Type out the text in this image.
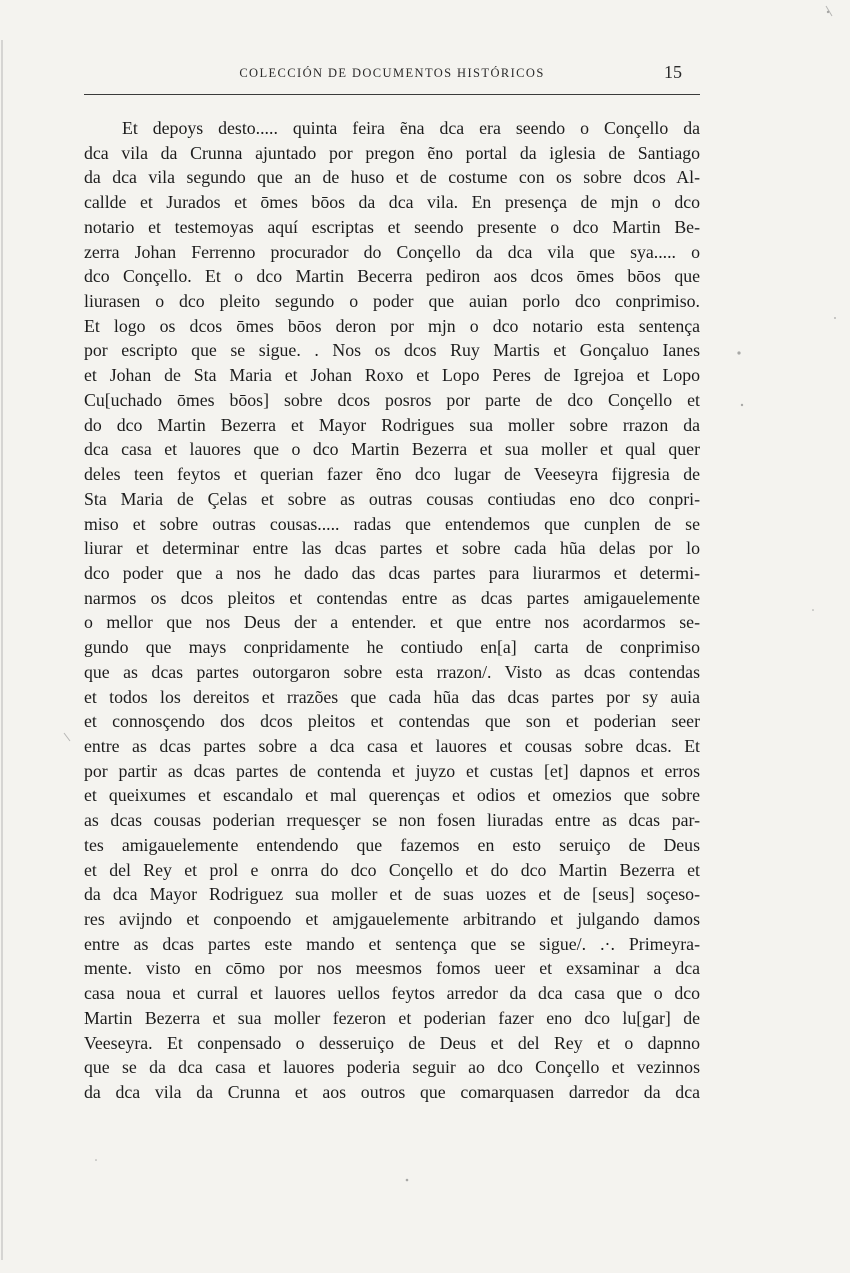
COLECCIÓN DE DOCUMENTOS HISTÓRICOS	15
Et depoys desto..... quinta feira ẽna dca era seendo o Conçello da
dca vila da Crunna ajuntado por pregon ẽno portal da iglesia de Santiago
da dca vila segundo que an de huso et de costume con os sobre dcos Al-
callde et Jurados et ōmes bōos da dca vila. En presença de mjn o dco
notario et testemoyas aquí escriptas et seendo presente o dco Martin Be-
zerra Johan Ferrenno procurador do Conçello da dca vila que sya..... o
dco Conçello. Et o dco Martin Becerra pediron aos dcos ōmes bōos que
liurasen o dco pleito segundo o poder que auian porlo dco conprimiso.
Et logo os dcos ōmes bōos deron por mjn o dco notario esta sentença
por escripto que se sigue. . Nos os dcos Ruy Martis et Gonçaluo Ianes
et Johan de Sta Maria et Johan Roxo et Lopo Peres de Igrejoa et Lopo
Cu[uchado ōmes bōos] sobre dcos posros por parte de dco Conçello et
do dco Martin Bezerra et Mayor Rodrigues sua moller sobre rrazon da
dca casa et lauores que o dco Martin Bezerra et sua moller et qual quer
deles teen feytos et querian fazer ẽno dco lugar de Veeseyra fijgresia de
Sta Maria de Çelas et sobre as outras cousas contiudas eno dco conpri-
miso et sobre outras cousas..... radas que entendemos que cunplen de se
liurar et determinar entre las dcas partes et sobre cada hũa delas por lo
dco poder que a nos he dado das dcas partes para liurarmos et determi-
narmos os dcos pleitos et contendas entre as dcas partes amigauelemente
o mellor que nos Deus der a entender. et que entre nos acordarmos se-
gundo que mays conpridamente he contiudo en[a] carta de conprimiso
que as dcas partes outorgaron sobre esta rrazon/. Visto as dcas contendas
et todos los dereitos et rrazões que cada hũa das dcas partes por sy auia
et connosçendo dos dcos pleitos et contendas que son et poderian seer
entre as dcas partes sobre a dca casa et lauores et cousas sobre dcas. Et
por partir as dcas partes de contenda et juyzo et custas [et] dapnos et erros
et queixumes et escandalo et mal querenças et odios et omezios que sobre
as dcas cousas poderian rrequesçer se non fosen liuradas entre as dcas par-
tes amigauelemente entendendo que fazemos en esto seruiço de Deus
et del Rey et prol e onrra do dco Conçello et do dco Martin Bezerra et
da dca Mayor Rodriguez sua moller et de suas uozes et de [seus] soçeso-
res avijndo et conpoendo et amjgauelemente arbitrando et julgando damos
entre as dcas partes este mando et sentença que se sigue/. .·. Primeyra-
mente. visto en cōmo por nos meesmos fomos ueer et exsaminar a dca
casa noua et curral et lauores uellos feytos arredor da dca casa que o dco
Martin Bezerra et sua moller fezeron et poderian fazer eno dco lu[gar] de
Veeseyra. Et conpensado o desseruiço de Deus et del Rey et o dapnno
que se da dca casa et lauores poderia seguir ao dco Conçello et vezinnos
da dca vila da Crunna et aos outros que comarquasen darredor da dca
